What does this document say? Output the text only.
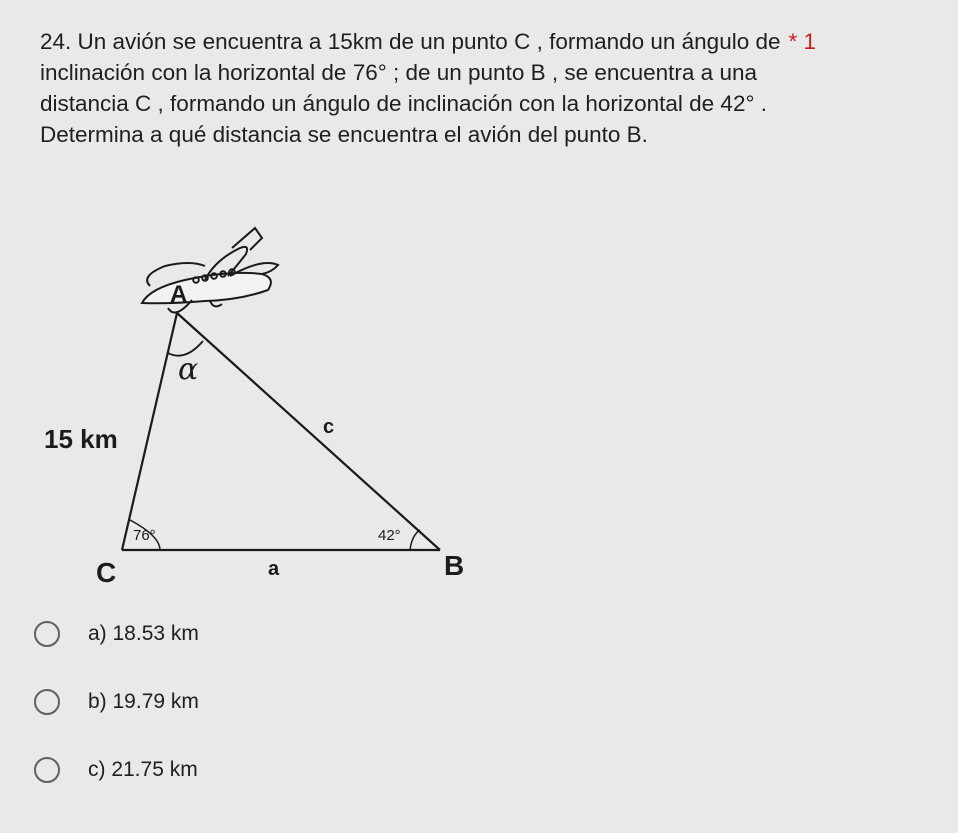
24. Un avión se encuentra a 15km de un punto C , formando un ángulo de * 1

inclinación con la horizontal de 76° ; de un punto B , se encuentra a una

distancia C , formando un ángulo de inclinación con la horizontal de 42° .

Determina a qué distancia se encuentra el avión del punto B.

A
α
15 km	c
76°	42°
C	a	B
a) 18.53 km
b) 19.79 km
c) 21.75 km
